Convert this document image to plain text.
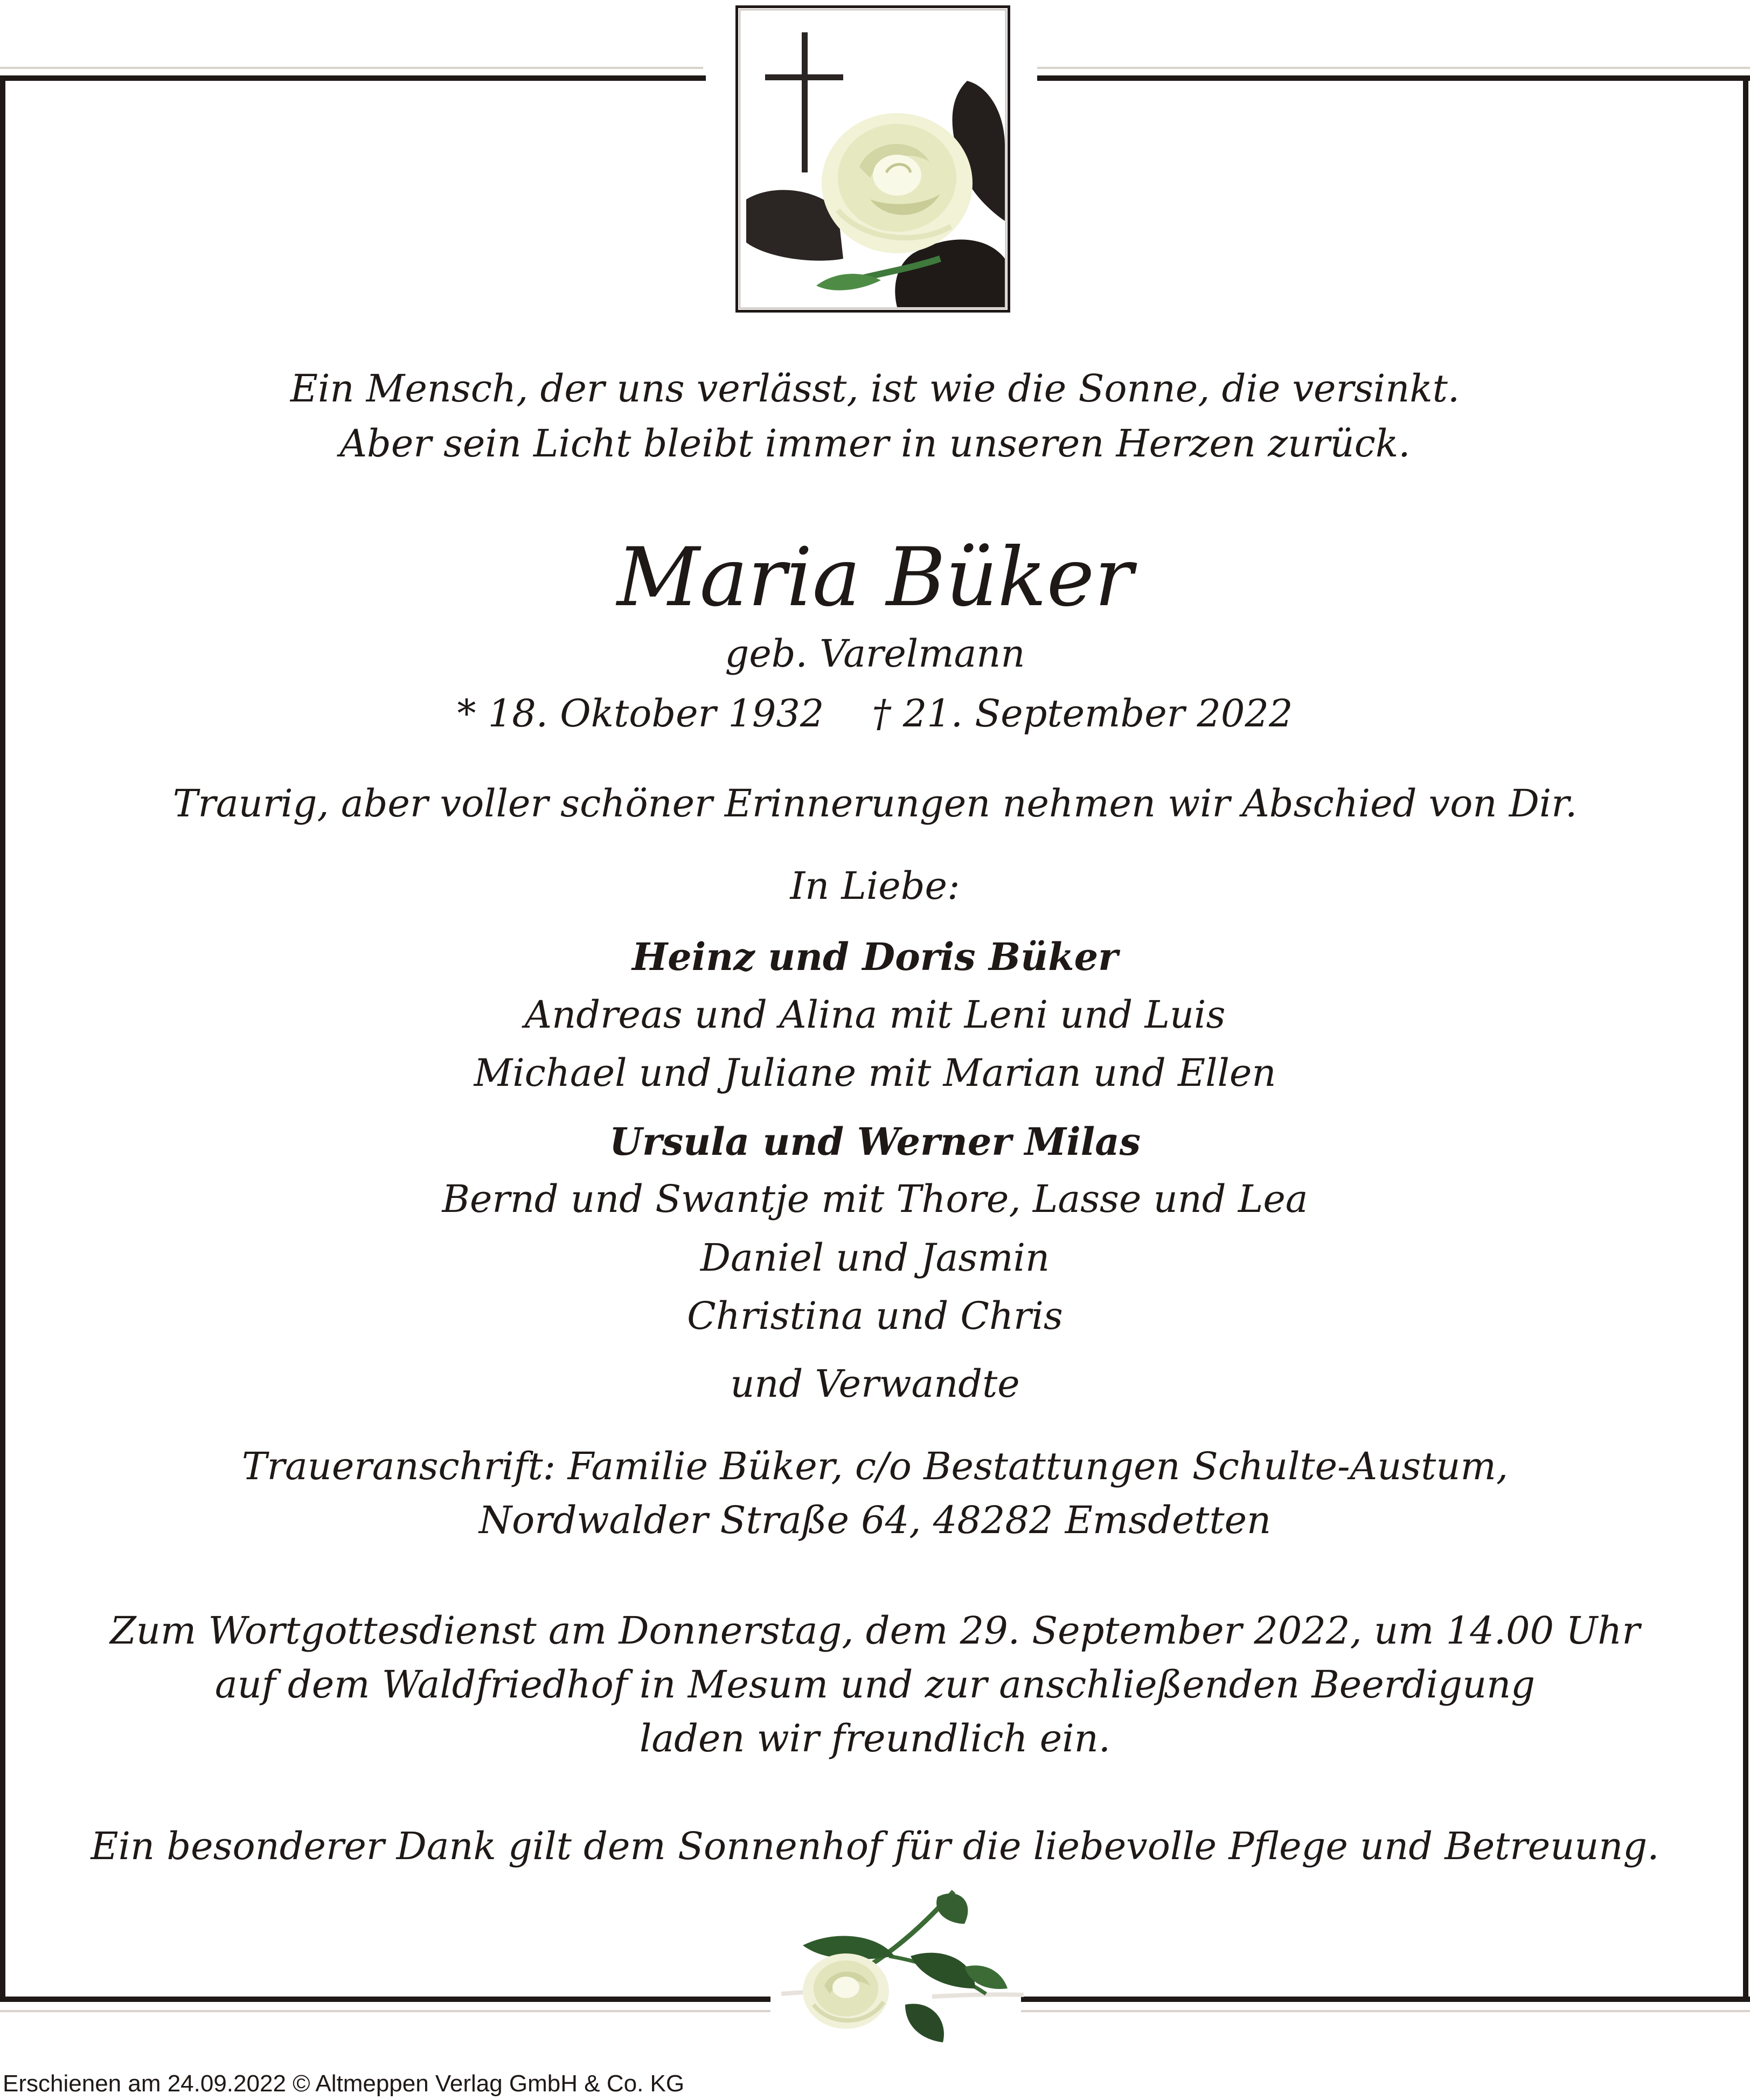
Ein Mensch, der uns verlässt, ist wie die Sonne, die versinkt.
Aber sein Licht bleibt immer in unseren Herzen zurück.
Maria Büker
geb. Varelmann
* 18. Oktober 1932    † 21. September 2022
Traurig, aber voller schöner Erinnerungen nehmen wir Abschied von Dir.
In Liebe:
Heinz und Doris Büker
Andreas und Alina mit Leni und Luis
Michael und Juliane mit Marian und Ellen
Ursula und Werner Milas
Bernd und Swantje mit Thore, Lasse und Lea
Daniel und Jasmin
Christina und Chris
und Verwandte
Traueranschrift: Familie Büker, c/o Bestattungen Schulte-Austum,
Nordwalder Straße 64, 48282 Emsdetten
Zum Wortgottesdienst am Donnerstag, dem 29. September 2022, um 14.00 Uhr
auf dem Waldfriedhof in Mesum und zur anschließenden Beerdigung
laden wir freundlich ein.
Ein besonderer Dank gilt dem Sonnenhof für die liebevolle Pflege und Betreuung.
Erschienen am 24.09.2022 © Altmeppen Verlag GmbH & Co. KG
